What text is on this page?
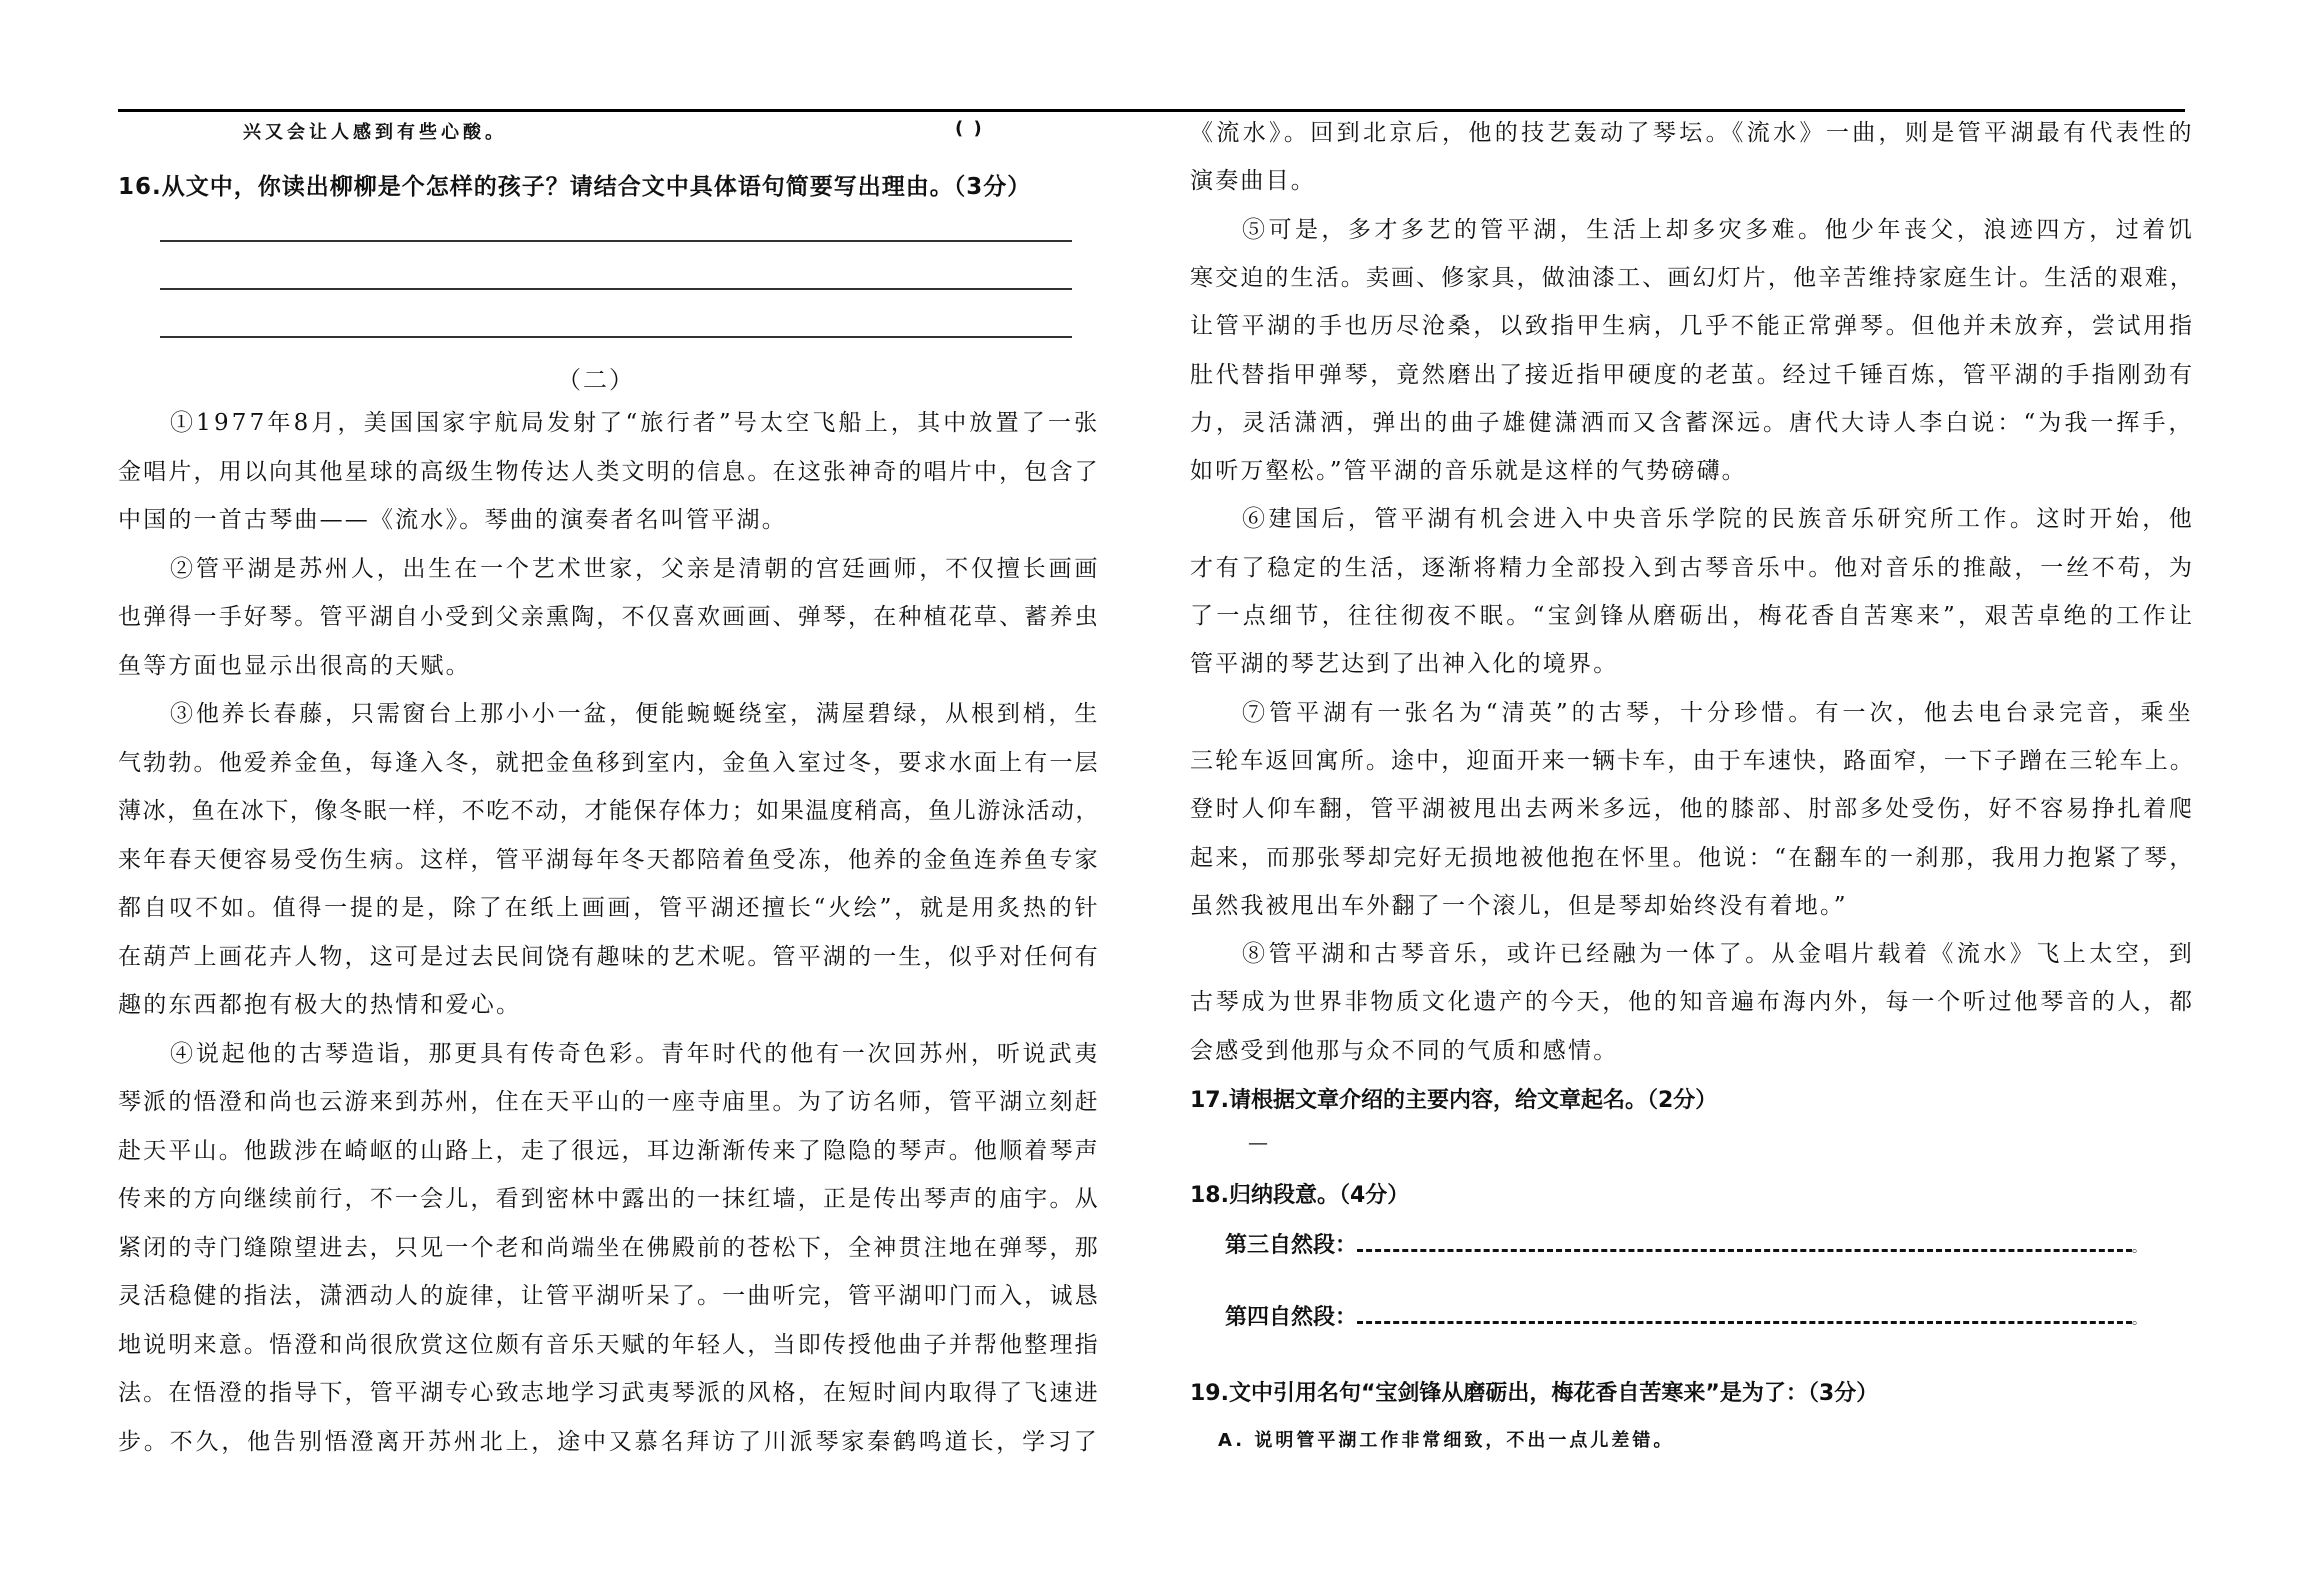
兴又会让人感到有些心酸。	( )
16.从文中，你读出柳柳是个怎样的孩子？请结合文中具体语句简要写出理由。（3分）
（二）
①1977年8月，美国国家宇航局发射了“旅行者”号太空飞船上，其中放置了一张
金唱片，用以向其他星球的高级生物传达人类文明的信息。在这张神奇的唱片中，包含了
中国的一首古琴曲——《流水》。琴曲的演奏者名叫管平湖。
②管平湖是苏州人，出生在一个艺术世家，父亲是清朝的宫廷画师，不仅擅长画画
也弹得一手好琴。管平湖自小受到父亲熏陶，不仅喜欢画画、弹琴，在种植花草、蓄养虫
鱼等方面也显示出很高的天赋。
③他养长春藤，只需窗台上那小小一盆，便能蜿蜒绕室，满屋碧绿，从根到梢，生
气勃勃。他爱养金鱼，每逢入冬，就把金鱼移到室内，金鱼入室过冬，要求水面上有一层
薄冰，鱼在冰下，像冬眠一样，不吃不动，才能保存体力；如果温度稍高，鱼儿游泳活动，
来年春天便容易受伤生病。这样，管平湖每年冬天都陪着鱼受冻，他养的金鱼连养鱼专家
都自叹不如。值得一提的是，除了在纸上画画，管平湖还擅长“火绘”，就是用炙热的针
在葫芦上画花卉人物，这可是过去民间饶有趣味的艺术呢。管平湖的一生，似乎对任何有
趣的东西都抱有极大的热情和爱心。
④说起他的古琴造诣，那更具有传奇色彩。青年时代的他有一次回苏州，听说武夷
琴派的悟澄和尚也云游来到苏州，住在天平山的一座寺庙里。为了访名师，管平湖立刻赶
赴天平山。他跋涉在崎岖的山路上，走了很远，耳边渐渐传来了隐隐的琴声。他顺着琴声
传来的方向继续前行，不一会儿，看到密林中露出的一抹红墙，正是传出琴声的庙宇。从
紧闭的寺门缝隙望进去，只见一个老和尚端坐在佛殿前的苍松下，全神贯注地在弹琴，那
灵活稳健的指法，潇洒动人的旋律，让管平湖听呆了。一曲听完，管平湖叩门而入，诚恳
地说明来意。悟澄和尚很欣赏这位颇有音乐天赋的年轻人，当即传授他曲子并帮他整理指
法。在悟澄的指导下，管平湖专心致志地学习武夷琴派的风格，在短时间内取得了飞速进
步。不久，他告别悟澄离开苏州北上，途中又慕名拜访了川派琴家秦鹤鸣道长，学习了
《流水》。回到北京后，他的技艺轰动了琴坛。《流水》一曲，则是管平湖最有代表性的
演奏曲目。
⑤可是，多才多艺的管平湖，生活上却多灾多难。他少年丧父，浪迹四方，过着饥
寒交迫的生活。卖画、修家具，做油漆工、画幻灯片，他辛苦维持家庭生计。生活的艰难，
让管平湖的手也历尽沧桑，以致指甲生病，几乎不能正常弹琴。但他并未放弃，尝试用指
肚代替指甲弹琴，竟然磨出了接近指甲硬度的老茧。经过千锤百炼，管平湖的手指刚劲有
力，灵活潇洒，弹出的曲子雄健潇洒而又含蓄深远。唐代大诗人李白说：“为我一挥手，
如听万壑松。”管平湖的音乐就是这样的气势磅礴。
⑥建国后，管平湖有机会进入中央音乐学院的民族音乐研究所工作。这时开始，他
才有了稳定的生活，逐渐将精力全部投入到古琴音乐中。他对音乐的推敲，一丝不苟，为
了一点细节，往往彻夜不眠。“宝剑锋从磨砺出，梅花香自苦寒来”，艰苦卓绝的工作让
管平湖的琴艺达到了出神入化的境界。
⑦管平湖有一张名为“清英”的古琴，十分珍惜。有一次，他去电台录完音，乘坐
三轮车返回寓所。途中，迎面开来一辆卡车，由于车速快，路面窄，一下子蹭在三轮车上。
登时人仰车翻，管平湖被甩出去两米多远，他的膝部、肘部多处受伤，好不容易挣扎着爬
起来，而那张琴却完好无损地被他抱在怀里。他说：“在翻车的一刹那，我用力抱紧了琴，
虽然我被甩出车外翻了一个滚儿，但是琴却始终没有着地。”
⑧管平湖和古琴音乐，或许已经融为一体了。从金唱片载着《流水》飞上太空，到
古琴成为世界非物质文化遗产的今天，他的知音遍布海内外，每一个听过他琴音的人，都
会感受到他那与众不同的气质和感情。
17.请根据文章介绍的主要内容，给文章起名。（2分）
—
18.归纳段意。（4分）
第三自然段：	。
第四自然段：	。
19.文中引用名句“宝剑锋从磨砺出，梅花香自苦寒来”是为了：（3分）
A. 说明管平湖工作非常细致，不出一点儿差错。
